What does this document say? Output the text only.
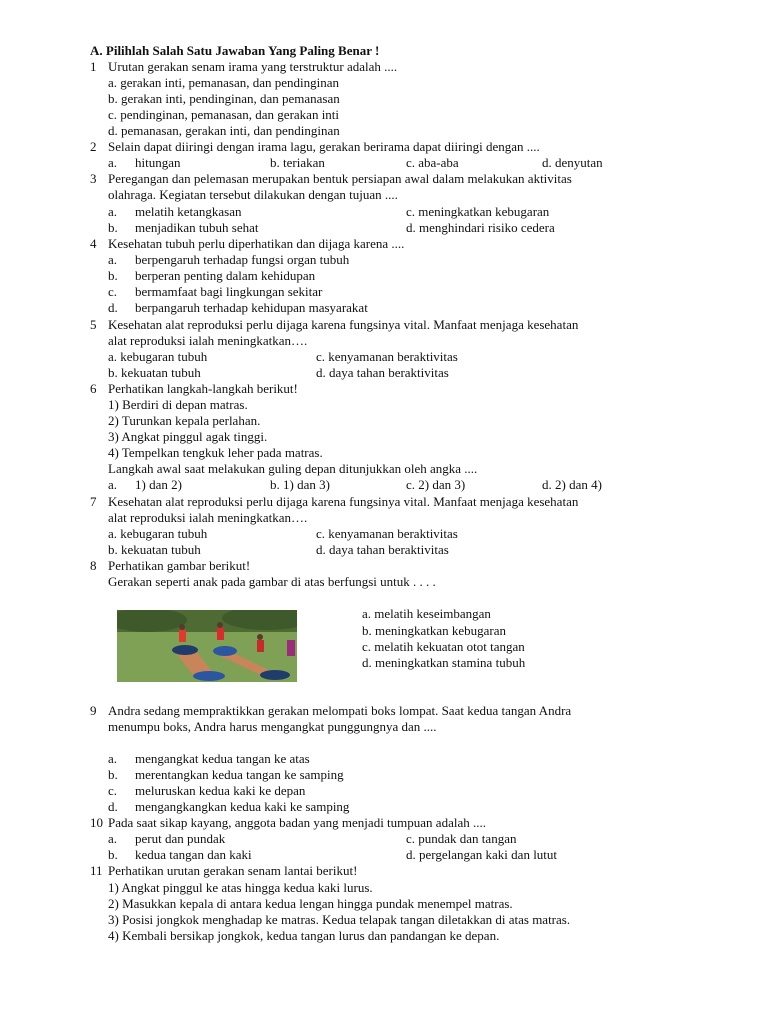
A. Pilihlah Salah Satu Jawaban Yang Paling Benar !
1 Urutan gerakan senam irama yang terstruktur adalah ....
a. gerakan inti, pemanasan, dan pendinginan
b. gerakan inti, pendinginan, dan pemanasan
c. pendinginan, pemanasan, dan gerakan inti
d. pemanasan, gerakan inti, dan pendinginan
2 Selain dapat diiringi dengan irama lagu, gerakan berirama dapat diiringi dengan ....
a. hitungan	b. teriakan	c. aba-aba	d. denyutan
3 Peregangan dan pelemasan merupakan bentuk persiapan awal dalam melakukan aktivitas
olahraga. Kegiatan tersebut dilakukan dengan tujuan ....
a. melatih ketangkasan	c. meningkatkan kebugaran
b. menjadikan tubuh sehat	d. menghindari risiko cedera
4 Kesehatan tubuh perlu diperhatikan dan dijaga karena ....
a. berpengaruh terhadap fungsi organ tubuh
b. berperan penting dalam kehidupan
c. bermamfaat bagi lingkungan sekitar
d. berpangaruh terhadap kehidupan masyarakat
5 Kesehatan alat reproduksi perlu dijaga karena fungsinya vital. Manfaat menjaga kesehatan
alat reproduksi ialah meningkatkan….
a. kebugaran tubuh	c. kenyamanan beraktivitas
b. kekuatan tubuh	d. daya tahan beraktivitas
6 Perhatikan langkah-langkah berikut!
1) Berdiri di depan matras.
2) Turunkan kepala perlahan.
3) Angkat pinggul agak tinggi.
4) Tempelkan tengkuk leher pada matras.
Langkah awal saat melakukan guling depan ditunjukkan oleh angka ....
a. 1) dan 2)	b. 1) dan 3)	c. 2) dan 3)	d. 2) dan 4)
7 Kesehatan alat reproduksi perlu dijaga karena fungsinya vital. Manfaat menjaga kesehatan
alat reproduksi ialah meningkatkan….
a. kebugaran tubuh	c. kenyamanan beraktivitas
b. kekuatan tubuh	d. daya tahan beraktivitas
8 Perhatikan gambar berikut!
Gerakan seperti anak pada gambar di atas berfungsi untuk . . . .
a. melatih keseimbangan
b. meningkatkan kebugaran
c. melatih kekuatan otot tangan
d. meningkatkan stamina tubuh
9 Andra sedang mempraktikkan gerakan melompati boks lompat. Saat kedua tangan Andra
menumpu boks, Andra harus mengangkat punggungnya dan ....
a. mengangkat kedua tangan ke atas
b. merentangkan kedua tangan ke samping
c. meluruskan kedua kaki ke depan
d. mengangkangkan kedua kaki ke samping
10 Pada saat sikap kayang, anggota badan yang menjadi tumpuan adalah ....
a. perut dan pundak	c. pundak dan tangan
b. kedua tangan dan kaki	d. pergelangan kaki dan lutut
11 Perhatikan urutan gerakan senam lantai berikut!
1) Angkat pinggul ke atas hingga kedua kaki lurus.
2) Masukkan kepala di antara kedua lengan hingga pundak menempel matras.
3) Posisi jongkok menghadap ke matras. Kedua telapak tangan diletakkan di atas matras.
4) Kembali bersikap jongkok, kedua tangan lurus dan pandangan ke depan.
